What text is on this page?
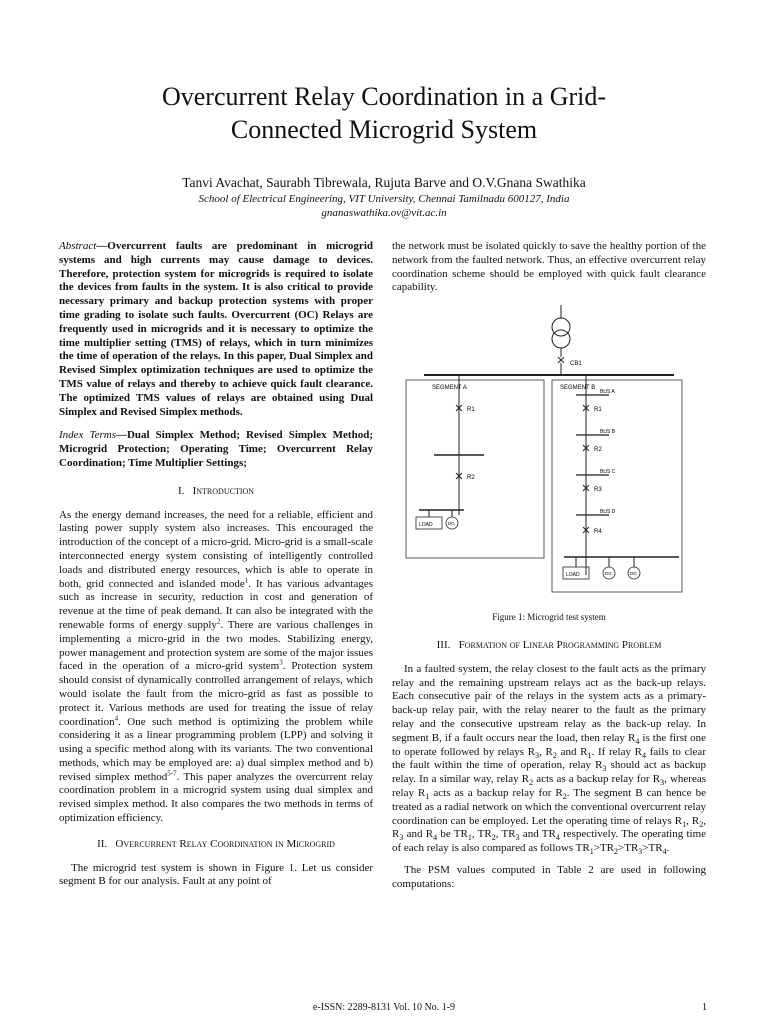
Overcurrent Relay Coordination in a Grid-
Connected Microgrid System
Tanvi Avachat, Saurabh Tibrewala, Rujuta Barve and O.V.Gnana Swathika
School of Electrical Engineering, VIT University, Chennai Tamilnadu 600127, India
gnanaswathika.ov@vit.ac.in

Abstract—Overcurrent faults are predominant in microgrid systems and high currents may cause damage to devices. Therefore, protection system for microgrids is required to isolate the devices from faults in the system. It is also critical to provide necessary primary and backup protection systems with proper time grading to isolate such faults. Overcurrent (OC) Relays are frequently used in microgrids and it is necessary to optimize the time multiplier setting (TMS) of relays, which in turn minimizes the time of operation of the relays. In this paper, Dual Simplex and Revised Simplex optimization techniques are used to optimize the TMS value of relays and thereby to achieve quick fault clearance. The optimized TMS values of relays are obtained using Dual Simplex and Revised Simplex methods.

Index Terms—Dual Simplex Method; Revised Simplex Method; Microgrid Protection; Operating Time; Overcurrent Relay Coordination; Time Multiplier Settings;

I. Introduction

As the energy demand increases, the need for a reliable, efficient and lasting power supply system also increases. This encouraged the introduction of the concept of a micro-grid. Micro-grid is a small-scale interconnected energy system consisting of intelligently controlled loads and distributed energy resources, which is able to operate in both, grid connected and islanded mode$^1$. It has various advantages such as increase in security, reduction in cost and generation of revenue at the time of peak demand. It can also be integrated with the renewable forms of energy supply$^2$. There are various challenges in implementing a micro-grid in the two modes. Stabilizing energy, power management and protection system are some of the major issues faced in the operation of a micro-grid system$^3$. Protection system should consist of dynamically controlled arrangement of relays, which would isolate the fault from the micro-grid as fast as possible to protect it. Various methods are used for treating the issue of relay coordination$^4$. One such method is optimizing the problem while considering it as a linear programming problem (LPP) and solving it using a specific method along with its variants. The two conventional methods, which may be employed are: a) dual simplex method and b) revised simplex method$^{5-7}$. This paper analyzes the overcurrent relay coordination problem in a microgrid system using dual simplex and revised simplex method. It also compares the two methods in terms of optimization efficiency.

II. Overcurrent Relay Coordination in Microgrid

The microgrid test system is shown in Figure 1. Let us consider segment B for our analysis. Fault at any point of

the network must be isolated quickly to save the healthy portion of the network from the faulted network. Thus, an effective overcurrent relay coordination scheme should be employed with quick fault clearance capability.

CB1
SEGMENT A	SEGMENT B
R1
R2
LOAD	DG
BUS A
R1
BUS B
R2
BUS C
R3
BUS D
R4
LOAD	DG	DG
Figure 1: Microgrid test system
III. Formation of Linear Programming Problem

In a faulted system, the relay closest to the fault acts as the primary relay and the remaining upstream relays act as the back-up relays. Each consecutive pair of the relays in the system acts as a primary-back-up relay pair, with the relay nearer to the fault as the primary relay and the consecutive upstream relay as the back-up relay. In segment B, if a fault occurs near the load, then relay $R_4$ is the first one to operate followed by relays $R_3$, $R_2$ and $R_1$. If relay $R_4$ fails to clear the fault within the time of operation, relay $R_3$ should act as backup relay. In a similar way, relay $R_2$ acts as a backup relay for $R_3$, whereas relay $R_1$ acts as a backup relay for $R_2$. The segment B can hence be treated as a radial network on which the conventional overcurrent relay coordination can be employed. Let the operating time of relays $R_1$, $R_2$, $R_3$ and $R_4$ be $TR_1$, $TR_2$, $TR_3$ and $TR_4$ respectively. The operating time of each relay is also compared as follows $TR_1>TR_2>TR_3>TR_4$.

The PSM values computed in Table 2 are used in following computations:

e-ISSN: 2289-8131 Vol. 10 No. 1-9	1
